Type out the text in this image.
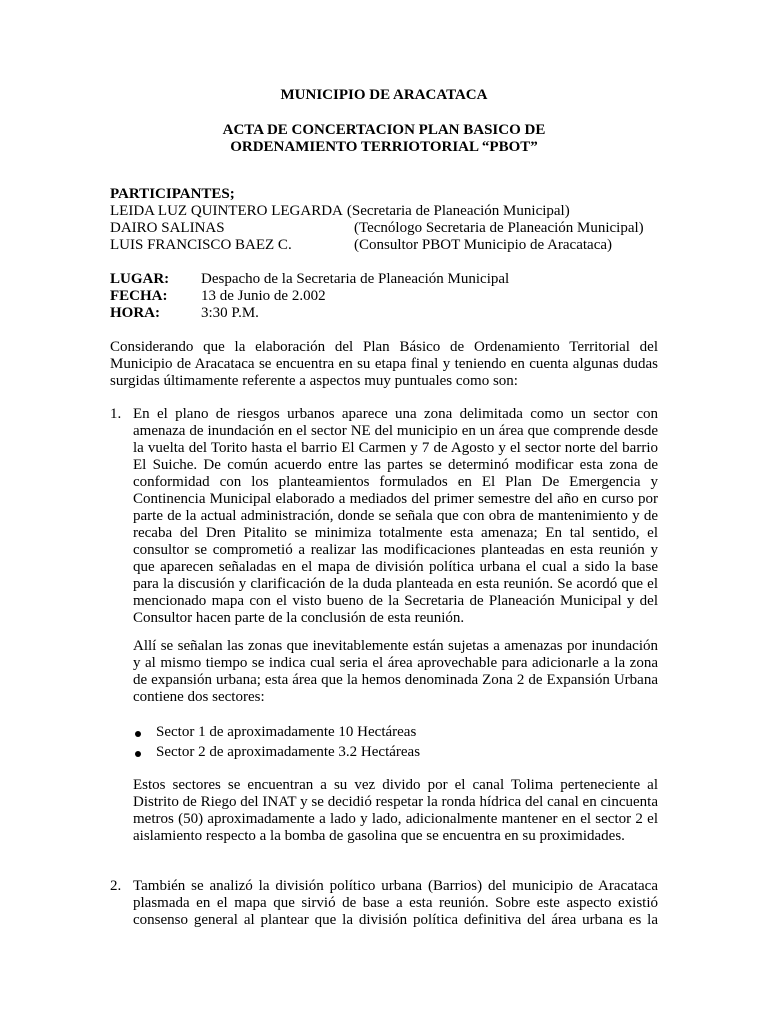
MUNICIPIO DE ARACATACA
ACTA DE CONCERTACION PLAN BASICO DE
ORDENAMIENTO TERRIOTORIAL “PBOT”
PARTICIPANTES;
LEIDA LUZ QUINTERO LEGARDA (Secretaria de Planeación Municipal)
DAIRO SALINAS	(Tecnólogo Secretaria de Planeación Municipal)
LUIS FRANCISCO BAEZ C.	(Consultor PBOT Municipio de Aracataca)
LUGAR:	Despacho de la Secretaria de Planeación Municipal
FECHA:	13 de Junio de 2.002
HORA:	3:30 P.M.

Considerando que la elaboración del Plan Básico de Ordenamiento Territorial del Municipio de Aracataca se encuentra en su etapa final y teniendo en cuenta algunas dudas surgidas últimamente referente a aspectos muy puntuales como son:

1. En el plano de riesgos urbanos aparece una zona delimitada como un sector con amenaza de inundación en el sector NE del municipio en un área que comprende desde la vuelta del Torito hasta el barrio El Carmen y 7 de Agosto y el sector norte del barrio El Suiche. De común acuerdo entre las partes se determinó modificar esta zona de conformidad con los planteamientos formulados en El Plan De Emergencia y Continencia Municipal elaborado a mediados del primer semestre del año en curso por parte de la actual administración, donde se señala que con obra de mantenimiento y de recaba del Dren Pitalito se minimiza totalmente esta amenaza; En tal sentido, el consultor se comprometió a realizar las modificaciones planteadas en esta reunión y que aparecen señaladas en el mapa de división política urbana el cual a sido la base para la discusión y clarificación de la duda planteada en esta reunión. Se acordó que el mencionado mapa con el visto bueno de la Secretaria de Planeación Municipal y del Consultor hacen parte de la conclusión de esta reunión.

Allí se señalan las zonas que inevitablemente están sujetas a amenazas por inundación y al mismo tiempo se indica cual seria el área aprovechable para adicionarle a la zona de expansión urbana; esta área que la hemos denominada Zona 2 de Expansión Urbana contiene dos sectores:

Sector 1 de aproximadamente 10 Hectáreas
Sector 2 de aproximadamente 3.2 Hectáreas

Estos sectores se encuentran a su vez divido por el canal Tolima perteneciente al Distrito de Riego del INAT y se decidió respetar la ronda hídrica del canal en cincuenta metros (50) aproximadamente a lado y lado, adicionalmente mantener en el sector 2 el aislamiento respecto a la bomba de gasolina que se encuentra en su proximidades.

2. También se analizó la división político urbana (Barrios) del municipio de Aracataca plasmada en el mapa que sirvió de base a esta reunión. Sobre este aspecto existió consenso general al plantear que la división política definitiva del área urbana es la
